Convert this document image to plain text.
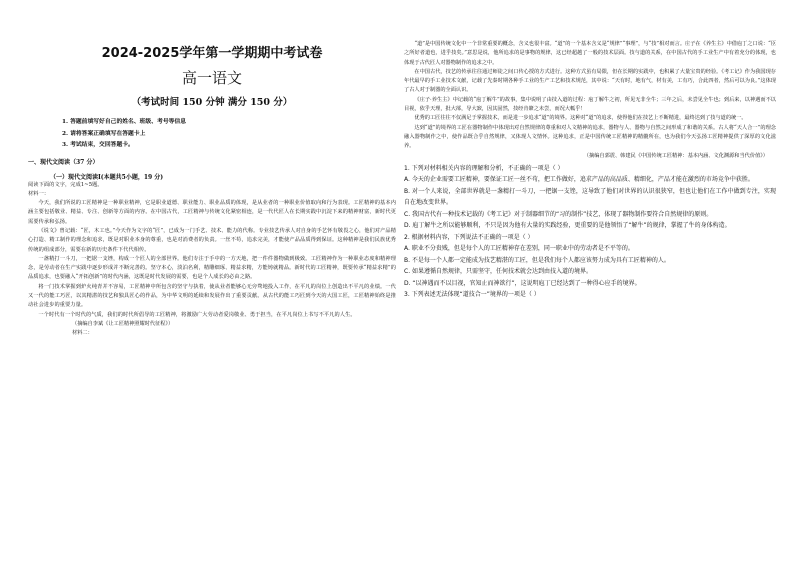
2024-2025学年第一学期期中考试卷
高一语文
（考试时间 150 分钟 满分 150 分）
1. 答题前填写好自己的姓名、班级、考号等信息
2. 请将答案正确填写在答题卡上
3. 考试结束，交回答题卡。
一、现代文阅读（37 分）
（一）现代文阅读Ⅰ(本题共5小题，19 分)

阅读下面的文字，完成1~5题。

材料一：

今天，我们所说的工匠精神是一种职业精神，它是职业道德、职业能力、职业品质的体现，是从业者的一种职业价值取向和行为表现。工匠精神的基本内涵主要包括敬业、精益、专注、创新等方面的内容。在中国古代，工匠精神与传统文化紧密相连，是一代代匠人在长期实践中沉淀下来的精神财富，新时代更需要传承和弘扬。

《说文》曾记载：“匠，木工也。”今天作为文字的“匠”，已成为一门手艺、技术、能力的代称。专业技艺传承人对自身的手艺怀有敬畏之心，他们对产品精心打造、精工制作的理念和追求，既是对职业本身的尊重，也是对消费者的负责。一丝不苟，追求完美，才能使产品品质得到保证。这种精神是我们民族优秀传统的组成部分，需要在新的历史条件下代代相传。

一盏精打一斗刀，一把锯一支锉，构成一个匠人的全部世界。他们专注于手中的一方天地，把一件件器物做到极致。工匠精神作为一种职业态度和精神理念，是劳动者在生产实践中逐步形成并不断完善的。坚守本心，淡泊名利，精雕细琢、精益求精，方能铸就精品。新时代的工匠精神，既要传承“精益求精”的品质追求，也要融入“开拓创新”的时代内涵，这既是时代发展的需要，也是个人成长的必由之路。

将一门技术掌握到炉火纯青并不容易，工匠精神中所包含的坚守与执着，使从业者能够心无旁骛地投入工作，在平凡的岗位上创造出不平凡的业绩。一代又一代的能工巧匠，以其精湛的技艺和独具匠心的作品，为中华文明的延续和发展作出了重要贡献。从古代的能工巧匠到今天的大国工匠，工匠精神始终是推动社会进步的重要力量。

一个时代有一个时代的气质，我们的时代所倡导的工匠精神，将激励广大劳动者爱岗敬业、勇于担当，在平凡岗位上书写不平凡的人生。

（摘编自李斌《让工匠精神照耀时代征程》）
材料二：

“道”是中国传统文化中一个非常重要的概念，含义也很丰富。“道”的一个基本含义是“规律”“事理”，与“技”相对而言。庄子在《养生主》中借庖丁之口说：“臣之所好者道也，进乎技矣。”意思是说，他所追求的是事物的规律，这已经超越了一般的技术层面。技与道的关系，在中国古代的手工业生产中有着充分的体现，也体现于古代匠人对器物制作的追求之中。

在中国古代，技艺的传承往往通过师徒之间口传心授的方式进行。这种方式虽有局限，但在长期的实践中，也积累了大量宝贵的经验。《考工记》作为我国现存年代最早的手工业技术文献，记载了先秦时期各种手工业的生产工艺和技术规范，其中说：“天有时，地有气，材有美，工有巧，合此四者，然后可以为良。”这体现了古人对于制器的全面认识。

《庄子·养生主》中记载的“庖丁解牛”的故事，集中说明了由技入道的过程：庖丁解牛之初，所见无非全牛；三年之后，未尝见全牛也；到后来，以神遇而不以目视，依乎天理，批大郤，导大窾，因其固然，技经肯綮之未尝，而况大軱乎！

优秀的工匠往往不仅满足于掌握技术，而是进一步追求“道”的境界。这种对“道”的追求，使得他们在技艺上不断精进，最终达到了技与道的统一。

达到“道”的境界的工匠在器物制作中体现出对自然规律的尊重和对人文精神的追求，器物与人、器物与自然之间形成了和谐的关系。古人将“天人合一”的理念融入器物制作之中，使作品既合乎自然规律，又体现人文情怀。这种追求，正是中国传统工匠精神的精髓所在，也为我们今天弘扬工匠精神提供了深厚的文化滋养。

（摘编自郭震、韩建民《中国传统工匠精神：基本内涵、文化渊源和当代价值》）

1. 下列对材料相关内容的理解和分析，不正确的一项是（ ）

A. 今天的企业需要工匠精神，要保证工匠一丝不苟，把工作做好，追求产品的高品质、精细化，产品才能在激烈的市场竞争中获胜。

B. 对一个人来说，全部世界就是一盏精打一斗刀，一把锯一支锉，这导致了他们对世界的认识很狭窄，但也让他们在工作中做到专注，实现自在地改变世界。

C. 我国古代有一种技术记载的《考工记》对于制器细节的“习的制作”技艺，体现了器物制作要符合自然规律的原则。

D. 庖丁解牛之所以能够顺利，不只是因为他有大量的实践经验，更重要的是他领悟了“解牛”的规律，掌握了牛的身体构造。

2. 根据材料内容，下列说法不正确的一项是（ ）

A. 职业不分贵贱，但是每个人的工匠精神存在差别，同一职业中的劳动者是不平等的。

B. 不是每一个人都一定能成为技艺精湛的工匠，但是我们每个人都应该努力成为具有工匠精神的人。

C. 如果遵循自然规律，只需坚守，任何技术就会达到由技入道的境界。

D. “以神遇而不以目视，官知止而神欲行”，这说明庖丁已经达到了一种得心应手的境界。

3. 下列表述无法体现“道技合一”境界的一项是（ ）
